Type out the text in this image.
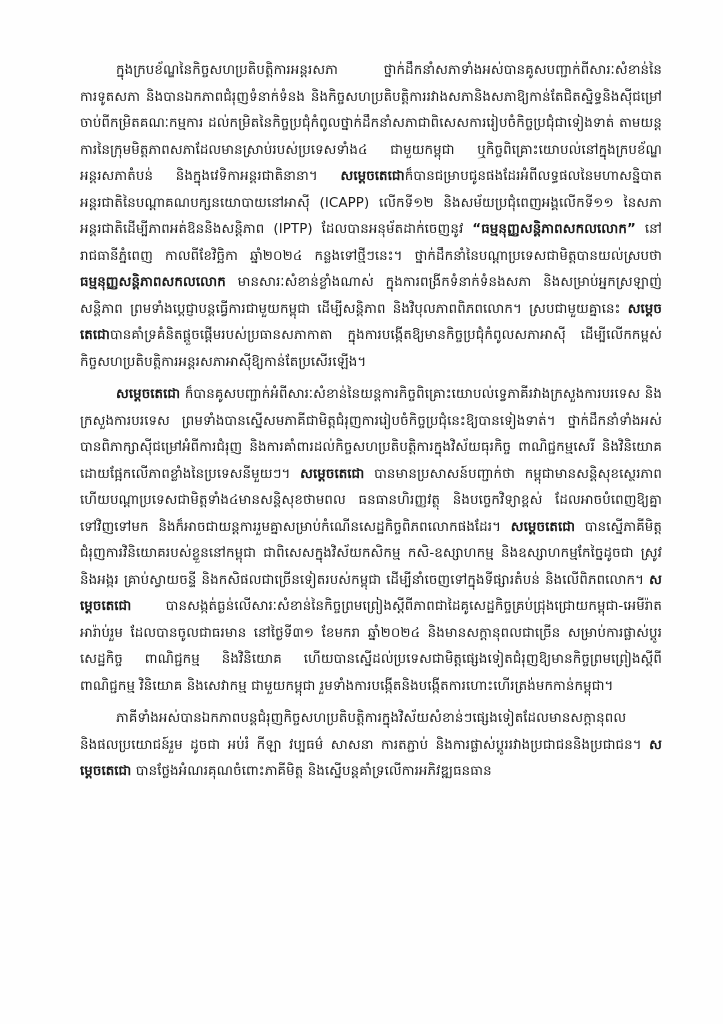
ក្នុងក្របខ័ណ្ឌនៃកិច្ចសហប្រតិបត្តិការអន្តរសភា ថ្នាក់ដឹកនាំសភាទាំងអស់បានគូសបញ្ជាក់ពីសារៈសំខាន់នៃការទូតសភា និងបានឯកភាពជំរុញទំនាក់ទំនង និងកិច្ចសហប្រតិបត្តិការរវាងសភានិងសភាឱ្យកាន់តែជិតស្និទ្ធនិងស៊ីជម្រៅ ចាប់ពីកម្រិតគណៈកម្មការ ដល់កម្រិតនៃកិច្ចប្រជុំកំពូលថ្នាក់ដឹកនាំសភាជាពិសេសការរៀបចំកិច្ចប្រជុំជាទៀងទាត់ តាមយន្តការនៃក្រុមមិត្តភាពសភាដែលមានស្រាប់របស់ប្រទេសទាំង៤ ជាមួយកម្ពុជា ឬកិច្ចពិគ្រោះយោបល់នៅក្នុងក្របខ័ណ្ឌអន្តរសភាតំបន់ និងក្នុងវេទិកាអន្តរជាតិនានា។ សម្តេចតេជោក៏បានជម្រាបជូនផងដែរអំពីលទ្ធផលនៃមហាសន្និបាតអន្តរជាតិនៃបណ្តាគណបក្សនយោបាយនៅអាស៊ី (ICAPP) លើកទី១២ និងសម័យប្រជុំពេញអង្គលើកទី១១ នៃសភាអន្តរជាតិដើម្បីភាពអត់ឱននិងសន្តិភាព (IPTP) ដែលបានអនុម័តដាក់ចេញនូវ “ធម្មនុញ្ញសន្តិភាពសកលលោក” នៅរាជធានីភ្នំពេញ កាលពីខែវិច្ឆិកា ឆ្នាំ២០២៤ កន្លងទៅថ្មីៗនេះ។ ថ្នាក់ដឹកនាំនៃបណ្តាប្រទេសជាមិត្តបានយល់ស្របថា ធម្មនុញ្ញសន្តិភាពសកលលោក មានសារៈសំខាន់ខ្លាំងណាស់ ក្នុងការពង្រីកទំនាក់ទំនងសភា និងសម្រាប់អ្នកស្រឡាញ់សន្តិភាព ព្រមទាំងប្តេជ្ញាបន្តធ្វើការជាមួយកម្ពុជា ដើម្បីសន្តិភាព និងវិបុលភាពពិភពលោក។ ស្របជាមួយគ្នានេះ សម្តេចតេជោបានគាំទ្រគំនិតផ្តួចផ្តើមរបស់ប្រធានសភាកាតា ក្នុងការបង្កើតឱ្យមានកិច្ចប្រជុំកំពូលសភាអាស៊ី ដើម្បីលើកកម្ពស់កិច្ចសហប្រតិបត្តិការអន្តរសភាអាស៊ីឱ្យកាន់តែប្រសើរឡើង។

សម្តេចតេជោ ក៏បានគូសបញ្ជាក់អំពីសារៈសំខាន់នៃយន្តការកិច្ចពិគ្រោះយោបល់ទ្វេភាគីរវាងក្រសួងការបរទេស និងក្រសួងការបរទេស ព្រមទាំងបានស្នើសមភាគីជាមិត្តជំរុញការរៀបចំកិច្ចប្រជុំនេះឱ្យបានទៀងទាត់។ ថ្នាក់ដឹកនាំទាំងអស់បានពិភាក្សាស៊ីជម្រៅអំពីការជំរុញ និងការគាំពារដល់កិច្ចសហប្រតិបត្តិការក្នុងវិស័យធុរកិច្ច ពាណិជ្ជកម្មសេរី និងវិនិយោគ ដោយផ្អែកលើភាពខ្លាំងនៃប្រទេសនីមួយៗ។ សម្តេចតេជោ បានមានប្រសាសន៍បញ្ជាក់ថា កម្ពុជាមានសន្តិសុខស្ថេរភាព ហើយបណ្តាប្រទេសជាមិត្តទាំង៤មានសន្តិសុខថាមពល ធនធានហិរញ្ញវត្ថុ និងបច្ចេកវិទ្យាខ្ពស់ ដែលអាចបំពេញឱ្យគ្នាទៅវិញទៅមក និងក៏អាចជាយន្តការរួមគ្នាសម្រាប់កំណើនសេដ្ឋកិច្ចពិភពលោកផងដែរ។ សម្តេចតេជោ បានស្នើភាគីមិត្តជំរុញការវិនិយោគរបស់ខ្លួននៅកម្ពុជា ជាពិសេសក្នុងវិស័យកសិកម្ម កសិ-ឧស្សាហកម្ម និងឧស្សាហកម្មកែច្នៃដូចជា ស្រូវនិងអង្ករ គ្រាប់ស្វាយចន្ទី និងកសិផលជាច្រើនទៀតរបស់កម្ពុជា ដើម្បីនាំចេញទៅក្នុងទីផ្សារតំបន់ និងលើពិភពលោក។ សម្តេចតេជោ បានសង្កត់ធ្ងន់លើសារៈសំខាន់នៃកិច្ចព្រមព្រៀងស្តីពីភាពជាដៃគូសេដ្ឋកិច្ចគ្រប់ជ្រុងជ្រោយកម្ពុជា-អេមីរ៉ាតអារ៉ាប់រួម ដែលបានចូលជាធរមាន នៅថ្ងៃទី៣១ ខែមករា ឆ្នាំ២០២៤ និងមានសក្តានុពលជាច្រើន សម្រាប់ការផ្លាស់ប្តូរសេដ្ឋកិច្ច ពាណិជ្ជកម្ម និងវិនិយោគ ហើយបានស្នើដល់ប្រទេសជាមិត្តផ្សេងទៀតជំរុញឱ្យមានកិច្ចព្រមព្រៀងស្តីពីពាណិជ្ជកម្ម វិនិយោគ និងសេវាកម្ម ជាមួយកម្ពុជា រួមទាំងការបង្កើតនិងបង្កើតការហោះហើរត្រង់មកកាន់កម្ពុជា។

ភាគីទាំងអស់បានឯកភាពបន្តជំរុញកិច្ចសហប្រតិបត្តិការក្នុងវិស័យសំខាន់ៗផ្សេងទៀតដែលមានសក្តានុពលនិងផលប្រយោជន៍រួម ដូចជា អប់រំ កីឡា វប្បធម៌ សាសនា ការតភ្ជាប់ និងការផ្លាស់ប្តូររវាងប្រជាជននិងប្រជាជន។ សម្តេចតេជោ បានថ្លែងអំណរគុណចំពោះភាគីមិត្ត និងស្នើបន្តគាំទ្រលើការអភិវឌ្ឍធនធាន
